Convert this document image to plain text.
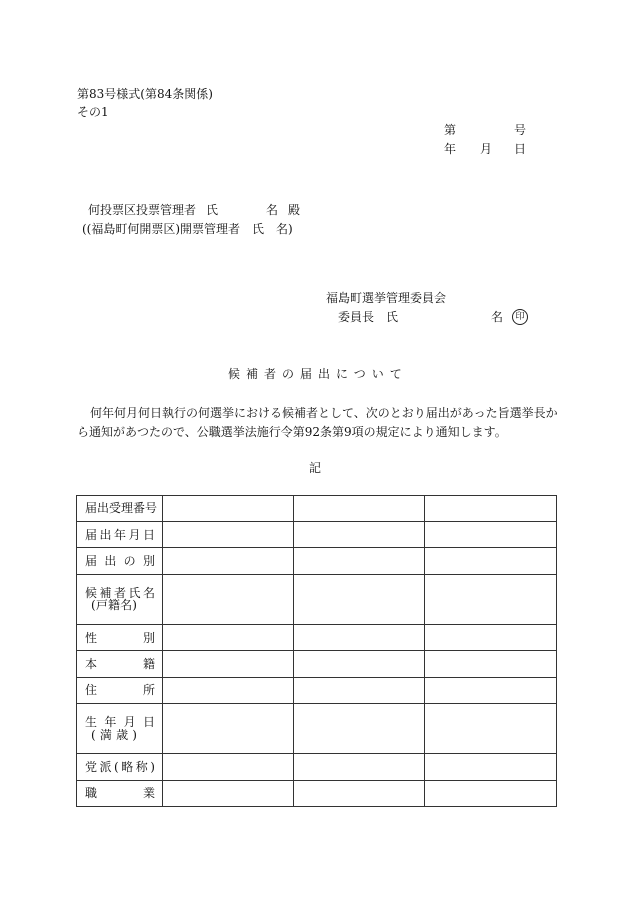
第83号様式(第84条関係)
その1
第	号
年 月 日
何投票区投票管理者 氏	名 殿
((福島町何開票区)開票管理者　氏　名)
福島町選挙管理委員会
委員長 氏	名	印
候補者の届出について
何年何月何日執行の何選挙における候補者として、次のとおり届出があった旨選挙長か
ら通知があつたので、公職選挙法施行令第92条第9項の規定により通知します。
記
届出受理番号			
届出年月日			
届出の別			
候補者氏名
(戸籍名)			

性別			
本籍			
住所			
生年月日
(満歳)			

党派(略称)			
職業			
